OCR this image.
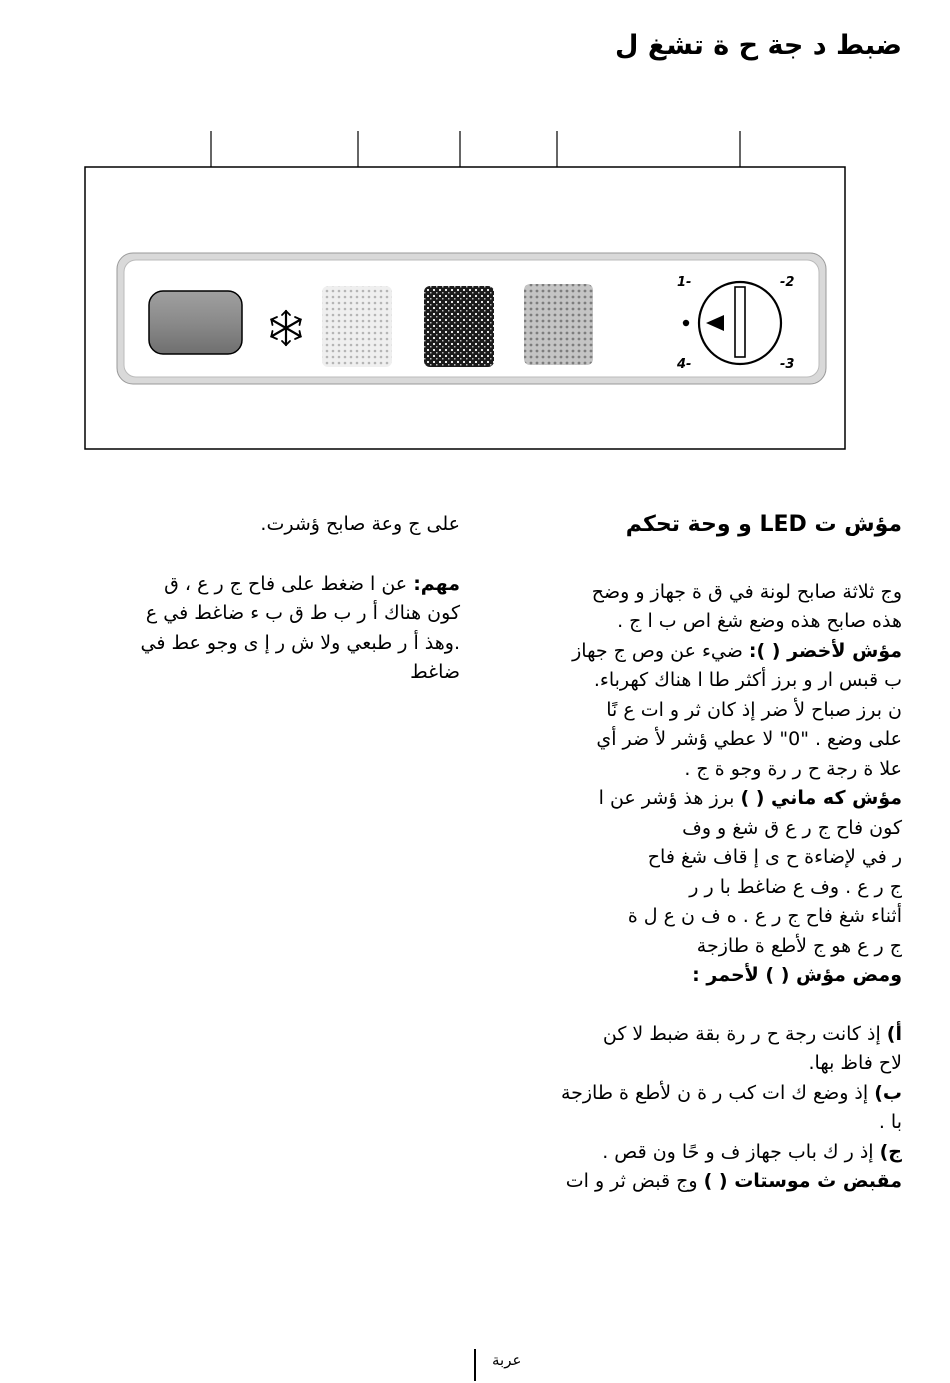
ضبط د جة ح ة تشغ ل
1-	-2
4-	-3

على ج وعة صابح ؤشرت.

مهم: عن ا ضغط على فاح ج ر ع ، ق

كون هناك أ ر ب ط ق ب ء ضاغط في ع

.وهذ أ ر طبعي ولا ش ر إ ى وجو عط في

ضاغط

مؤش ت LED و وحة تحكم

وج ثلاثة صابح لونة في ق ة جهاز و وضح

هذه صابح هذه وضع شغ اص ب ا ج .

مؤش لأخضر ( ): ضيء عن وص ج جهاز

ب قبس ار و برز أكثر طا ا هناك كهرباء.

ن برز صباح لأ ضر إذ كان ثر و ات ع نًا

على وضع . "0" لا عطي ؤشر لأ ضر أي

علا ة رجة ح ر رة وجو ة ج .

مؤش كه ماني ( ) برز هذ ؤشر عن ا

كون فاح ج ر ع ق شغ و وف

ر في لإضاءة ح ى إ قاف شغ فاح

ج ر ع . وف ع ضاغط با ر ر

أثناء شغ فاح ج ر ع . ه ف ن ع ل ة

ج ر ع هو ج لأطع ة طازجة

ومض مؤش ( ) لأحمر :

أ) إذ كانت رجة ح ر رة بقة ضبط لا كن

لاح فاظ بها.

ب) إذ وضع ك ات كب ر ة ن لأطع ة طازجة

با .

ج) إذ ر ك باب جهاز ف و حًا ون قص .

مقبض ث موستات ( ) وج قبض ثر و ات

عربة
